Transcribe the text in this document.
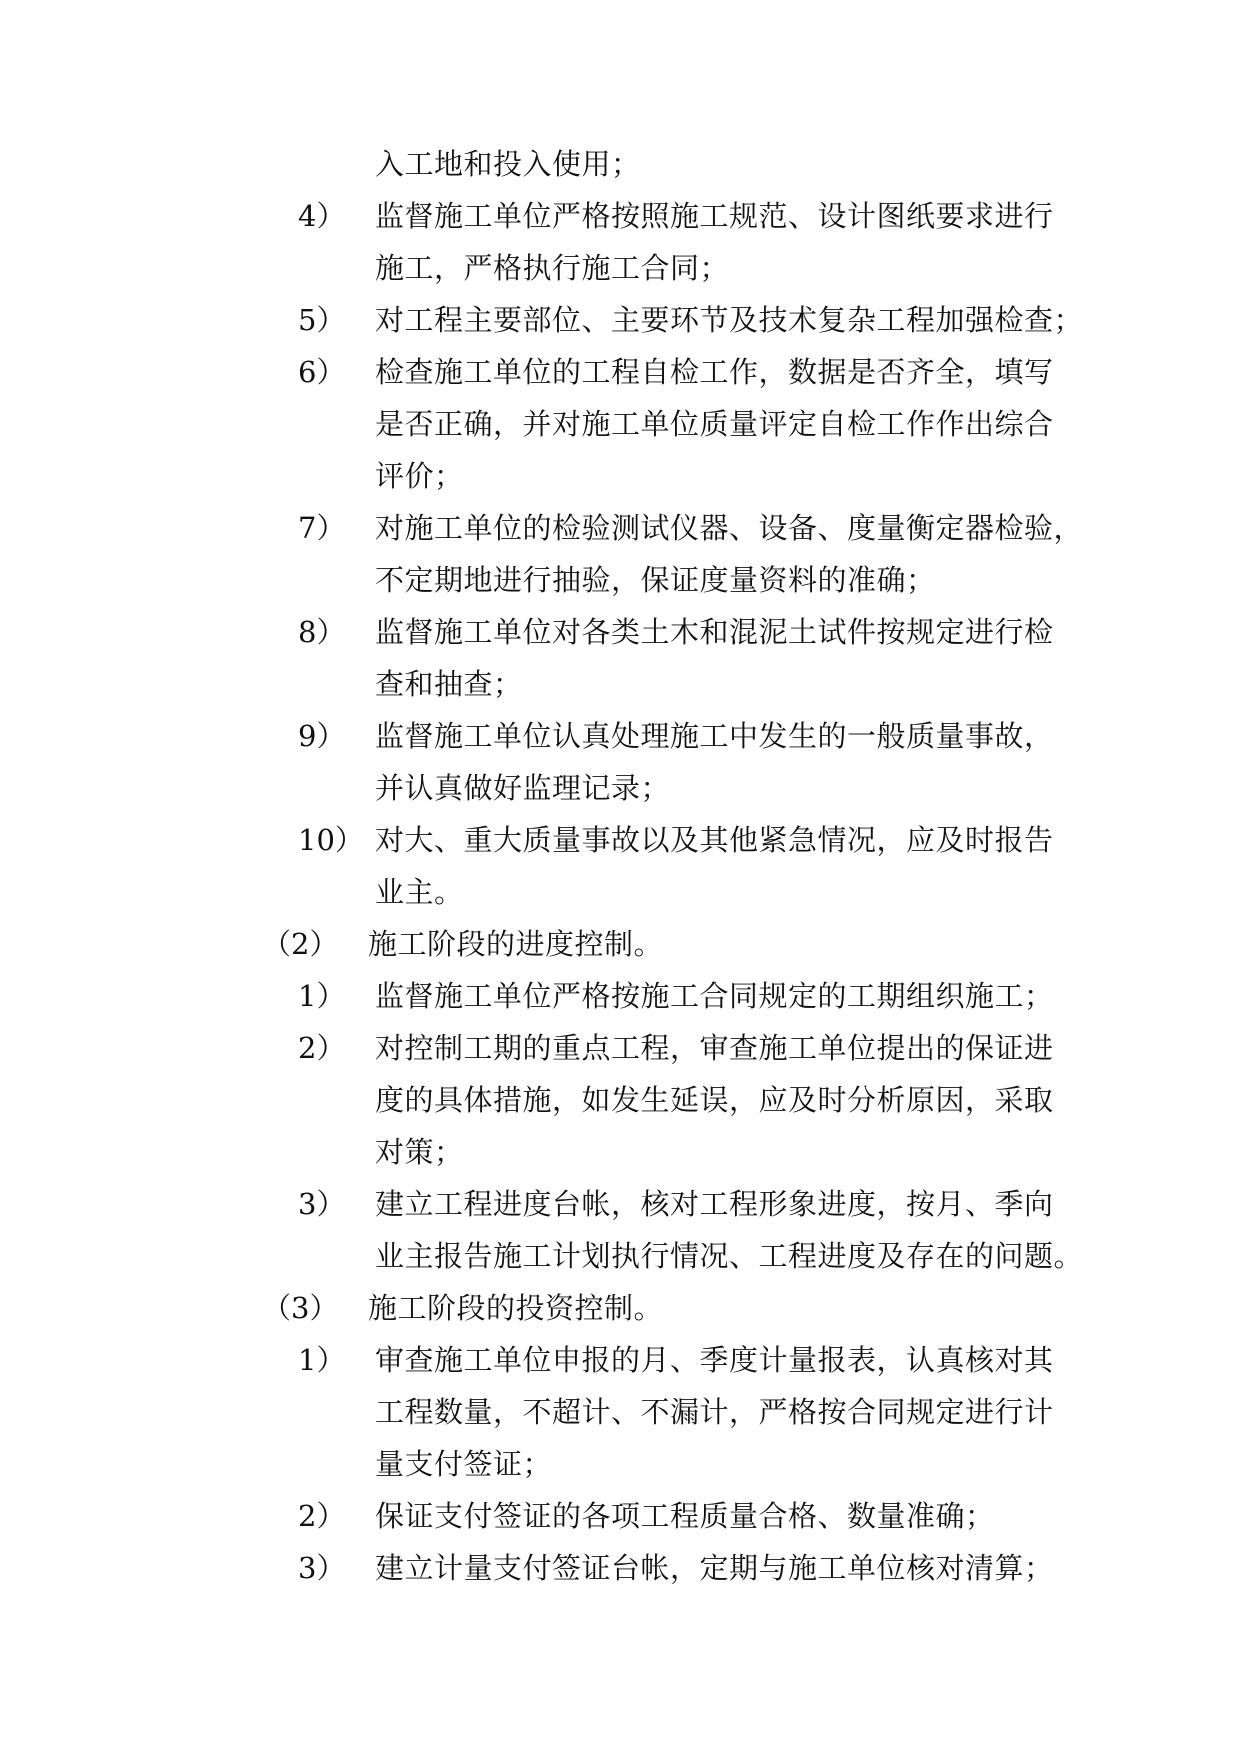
入工地和投入使用；
4） 监督施工单位严格按照施工规范、设计图纸要求进行
施工，严格执行施工合同；
5） 对工程主要部位、主要环节及技术复杂工程加强检查；
6） 检查施工单位的工程自检工作，数据是否齐全，填写
是否正确，并对施工单位质量评定自检工作作出综合
评价；
7） 对施工单位的检验测试仪器、设备、度量衡定器检验，
不定期地进行抽验，保证度量资料的准确；
8） 监督施工单位对各类土木和混泥土试件按规定进行检
查和抽查；
9） 监督施工单位认真处理施工中发生的一般质量事故，
并认真做好监理记录；
10） 对大、重大质量事故以及其他紧急情况，应及时报告
业主。
（2） 施工阶段的进度控制。
1） 监督施工单位严格按施工合同规定的工期组织施工；
2） 对控制工期的重点工程，审查施工单位提出的保证进
度的具体措施，如发生延误，应及时分析原因，采取
对策；
3） 建立工程进度台帐，核对工程形象进度，按月、季向
业主报告施工计划执行情况、工程进度及存在的问题。
（3） 施工阶段的投资控制。
1） 审查施工单位申报的月、季度计量报表，认真核对其
工程数量，不超计、不漏计，严格按合同规定进行计
量支付签证；
2） 保证支付签证的各项工程质量合格、数量准确；
3） 建立计量支付签证台帐，定期与施工单位核对清算；
